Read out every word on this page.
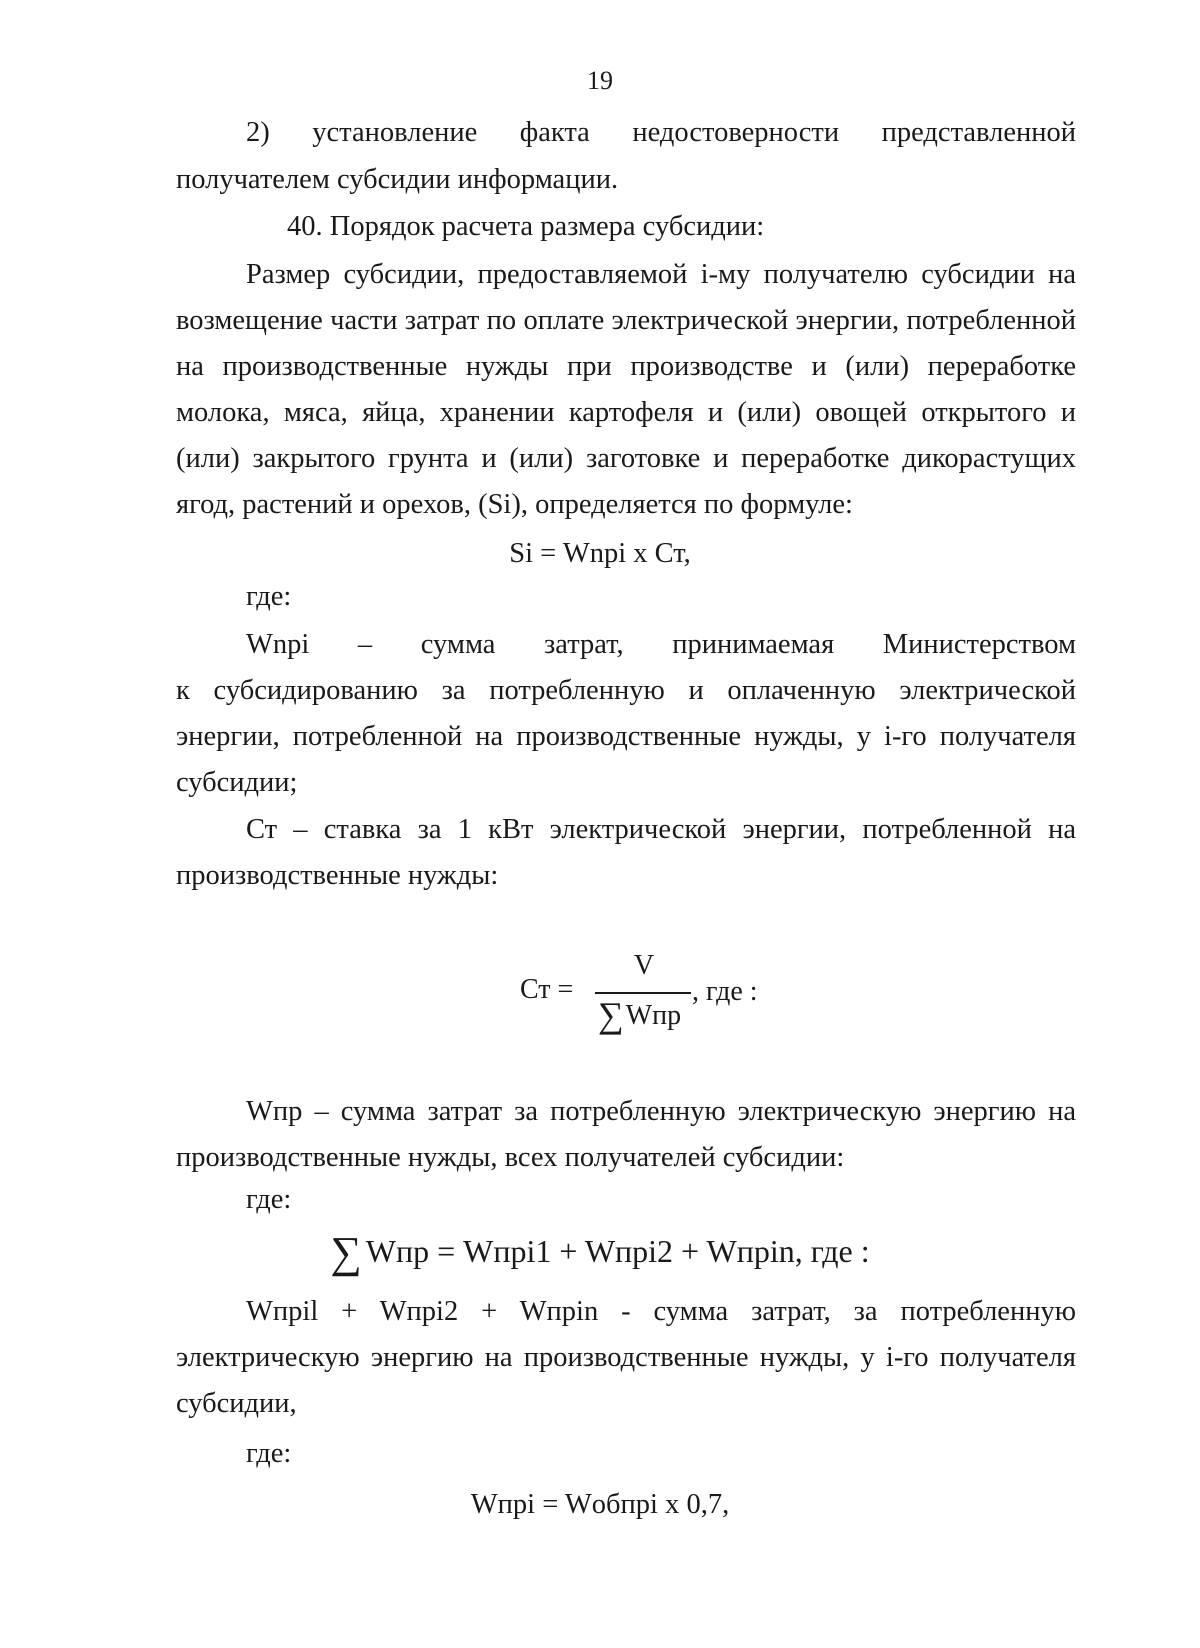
19
2) установление факта недостоверности представленной
получателем субсидии информации.
40. Порядок расчета размера субсидии:
Размер субсидии, предоставляемой i-му получателю субсидии на
возмещение части затрат по оплате электрической энергии, потребленной
на производственные нужды при производстве и (или) переработке
молока, мяса, яйца, хранении картофеля и (или) овощей открытого и
(или) закрытого грунта и (или) заготовке и переработке дикорастущих
ягод, растений и орехов, (Si), определяется по формуле:
Si = Wnpi x Ст,
где:
Wnpi – сумма затрат, принимаемая Министерством
к субсидированию за потребленную и оплаченную электрической
энергии, потребленной на производственные нужды, у i-го получателя
субсидии;
Ст – ставка за 1 кВт электрической энергии, потребленной на
производственные нужды:
Ст =
V
∑Wпр
, где :
Wпр – сумма затрат за потребленную электрическую энергию на
производственные нужды, всех получателей субсидии:
где:
∑ Wпр = Wпрi1 + Wпрi2 + Wпрin, где :
Wпpil + Wпpi2 + Wпpin - сумма затрат, за потребленную
электрическую энергию на производственные нужды, у i-го получателя
субсидии,
где:
Wпpi = Wобпpi x 0,7,
